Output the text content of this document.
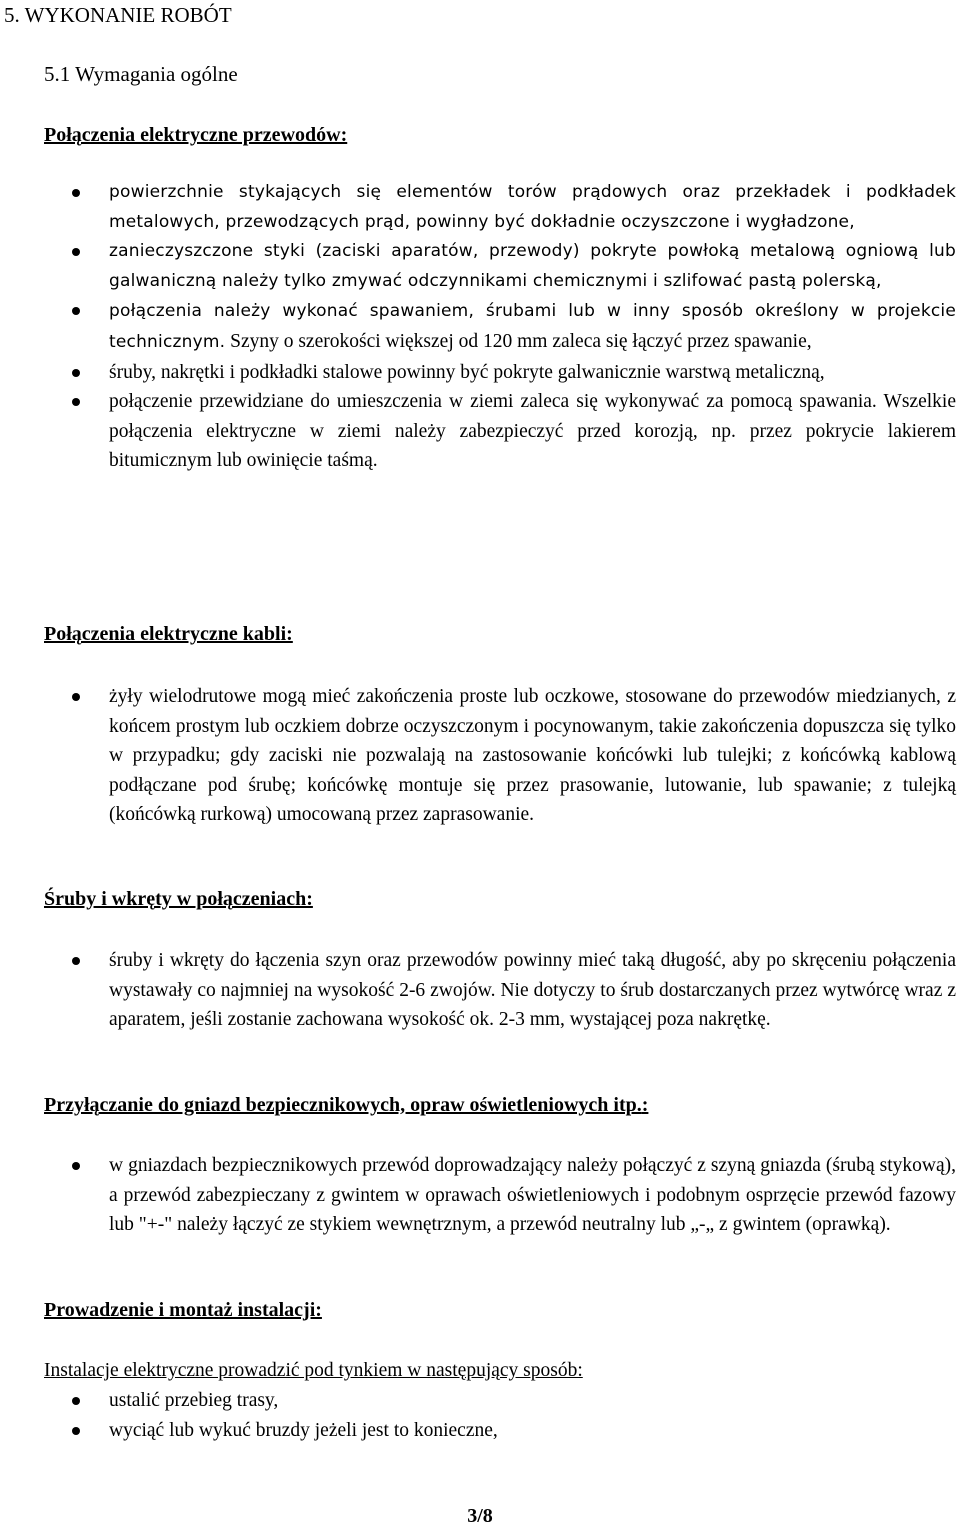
5. WYKONANIE ROBÓT

5.1 Wymagania ogólne

Połączenia elektryczne przewodów:

powierzchnie stykających się elementów torów prądowych oraz przekładek i podkładek metalowych, przewodzących prąd, powinny być dokładnie oczyszczone i wygładzone,
zanieczyszczone styki (zaciski aparatów, przewody) pokryte powłoką metalową ogniową lub galwaniczną należy tylko zmywać odczynnikami chemicznymi i szlifować pastą polerską,
połączenia należy wykonać spawaniem, śrubami lub w inny sposób określony w projekcie technicznym. Szyny o szerokości większej od 120 mm zaleca się łączyć przez spawanie,
śruby, nakrętki i podkładki stalowe powinny być pokryte galwanicznie warstwą metaliczną,
połączenie przewidziane do umieszczenia w ziemi zaleca się wykonywać za pomocą spawania. Wszelkie połączenia elektryczne w ziemi należy zabezpieczyć przed korozją, np. przez pokrycie lakierem bitumicznym lub owinięcie taśmą.

Połączenia elektryczne kabli:

żyły wielodrutowe mogą mieć zakończenia proste lub oczkowe, stosowane do przewodów miedzianych, z końcem prostym lub oczkiem dobrze oczyszczonym i pocynowanym, takie zakończenia dopuszcza się tylko w przypadku; gdy zaciski nie pozwalają na zastosowanie końcówki lub tulejki; z końcówką kablową podłączane pod śrubę; końcówkę montuje się przez prasowanie, lutowanie, lub spawanie; z tulejką (końcówką rurkową) umocowaną przez zaprasowanie.

Śruby i wkręty w połączeniach:

śruby i wkręty do łączenia szyn oraz przewodów powinny mieć taką długość, aby po skręceniu połączenia wystawały co najmniej na wysokość 2-6 zwojów. Nie dotyczy to śrub dostarczanych przez wytwórcę wraz z aparatem, jeśli zostanie zachowana wysokość ok. 2-3 mm, wystającej poza nakrętkę.

Przyłączanie do gniazd bezpiecznikowych, opraw oświetleniowych itp.:

w gniazdach bezpiecznikowych przewód doprowadzający należy połączyć z szyną gniazda (śrubą stykową), a przewód zabezpieczany z gwintem w oprawach oświetleniowych i podobnym osprzęcie przewód fazowy lub "+-" należy łączyć ze stykiem wewnętrznym, a przewód neutralny lub „-„ z gwintem (oprawką).

Prowadzenie i montaż instalacji:

Instalacje elektryczne prowadzić pod tynkiem w następujący sposób:

ustalić przebieg trasy,
wyciąć lub wykuć bruzdy jeżeli jest to konieczne,

3/8
